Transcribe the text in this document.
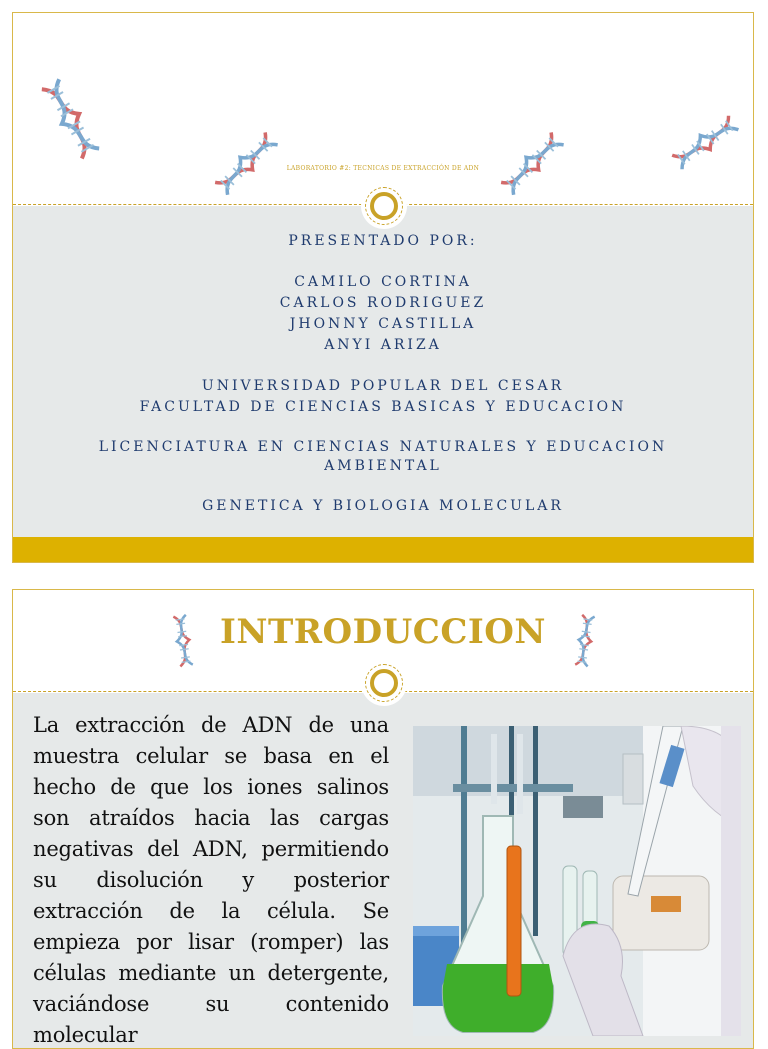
LABORATORIO #2: TECNICAS DE EXTRACCIÓN DE ADN
PRESENTADO POR:
CAMILO CORTINA
CARLOS RODRIGUEZ
JHONNY CASTILLA
ANYI ARIZA
UNIVERSIDAD POPULAR DEL CESAR
FACULTAD DE CIENCIAS BASICAS Y EDUCACION
LICENCIATURA EN CIENCIAS NATURALES Y EDUCACION
AMBIENTAL
GENETICA Y BIOLOGIA MOLECULAR
INTRODUCCION
La extracción de ADN de una muestra celular se basa en el hecho de que los iones salinos son atraídos hacia las cargas negativas del ADN, permitiendo su disolución y posterior extracción de la célula. Se empieza por lisar (romper) las células mediante un detergente, vaciándose su contenido molecular
